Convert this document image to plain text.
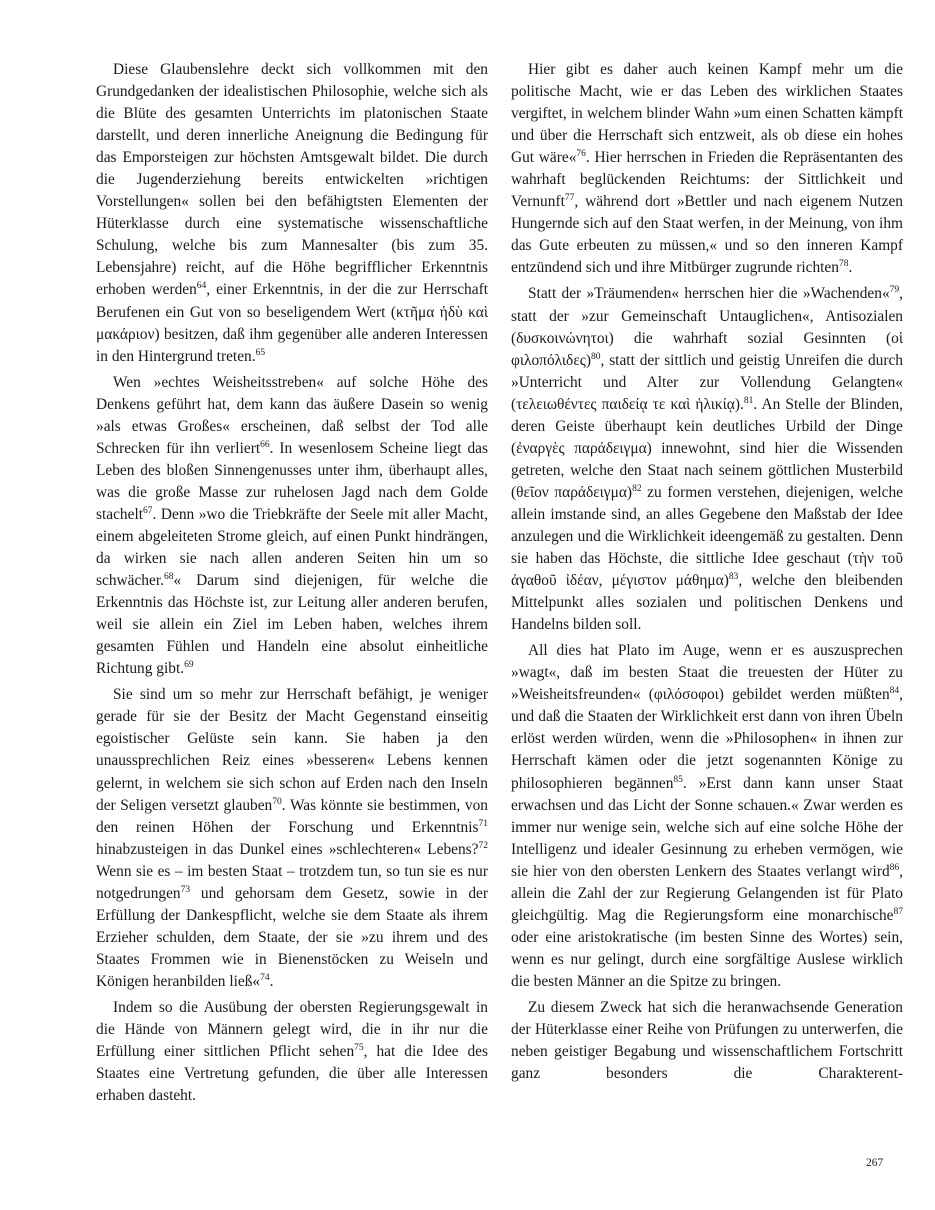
Diese Glaubenslehre deckt sich vollkommen mit den Grundgedanken der idealistischen Philosophie, welche sich als die Blüte des gesamten Unterrichts im platonischen Staate darstellt, und deren innerliche Aneignung die Bedingung für das Emporsteigen zur höchsten Amtsgewalt bildet. Die durch die Jugenderziehung bereits entwickelten »richtigen Vorstellungen« sollen bei den befähigtsten Elementen der Hüterklasse durch eine systematische wissenschaftliche Schulung, welche bis zum Mannesalter (bis zum 35. Lebensjahre) reicht, auf die Höhe begrifflicher Erkenntnis erhoben werden$^{64}$, einer Erkenntnis, in der die zur Herrschaft Berufenen ein Gut von so beseligendem Wert (κτῆμα ἡδὺ καὶ μακάριον) besitzen, daß ihm gegenüber alle anderen Interessen in den Hintergrund treten.$^{65}$

Wen »echtes Weisheitsstreben« auf solche Höhe des Denkens geführt hat, dem kann das äußere Dasein so wenig »als etwas Großes« erscheinen, daß selbst der Tod alle Schrecken für ihn verliert$^{66}$. In wesenlosem Scheine liegt das Leben des bloßen Sinnengenusses unter ihm, überhaupt alles, was die große Masse zur ruhelosen Jagd nach dem Golde stachelt$^{67}$. Denn »wo die Triebkräfte der Seele mit aller Macht, einem abgeleiteten Strome gleich, auf einen Punkt hindrängen, da wirken sie nach allen anderen Seiten hin um so schwächer.$^{68}$« Darum sind diejenigen, für welche die Erkenntnis das Höchste ist, zur Leitung aller anderen berufen, weil sie allein ein Ziel im Leben haben, welches ihrem gesamten Fühlen und Handeln eine absolut einheitliche Richtung gibt.$^{69}$

Sie sind um so mehr zur Herrschaft befähigt, je weniger gerade für sie der Besitz der Macht Gegenstand einseitig egoistischer Gelüste sein kann. Sie haben ja den unaussprechlichen Reiz eines »besseren« Lebens kennen gelernt, in welchem sie sich schon auf Erden nach den Inseln der Seligen versetzt glauben$^{70}$. Was könnte sie bestimmen, von den reinen Höhen der Forschung und Erkenntnis$^{71}$ hinabzusteigen in das Dunkel eines »schlechteren« Lebens?$^{72}$ Wenn sie es – im besten Staat – trotzdem tun, so tun sie es nur notgedrungen$^{73}$ und gehorsam dem Gesetz, sowie in der Erfüllung der Dankespflicht, welche sie dem Staate als ihrem Erzieher schulden, dem Staate, der sie »zu ihrem und des Staates Frommen wie in Bienenstöcken zu Weiseln und Königen heranbilden ließ«$^{74}$.

Indem so die Ausübung der obersten Regierungsgewalt in die Hände von Männern gelegt wird, die in ihr nur die Erfüllung einer sittlichen Pflicht sehen$^{75}$, hat die Idee des Staates eine Vertretung gefunden, die über alle Interessen erhaben dasteht.

Hier gibt es daher auch keinen Kampf mehr um die politische Macht, wie er das Leben des wirklichen Staates vergiftet, in welchem blinder Wahn »um einen Schatten kämpft und über die Herrschaft sich entzweit, als ob diese ein hohes Gut wäre«$^{76}$. Hier herrschen in Frieden die Repräsentanten des wahrhaft beglückenden Reichtums: der Sittlichkeit und Vernunft$^{77}$, während dort »Bettler und nach eigenem Nutzen Hungernde sich auf den Staat werfen, in der Meinung, von ihm das Gute erbeuten zu müssen,« und so den inneren Kampf entzündend sich und ihre Mitbürger zugrunde richten$^{78}$.

Statt der »Träumenden« herrschen hier die »Wachenden«$^{79}$, statt der »zur Gemeinschaft Untauglichen«, Antisozialen (δυσκοινώνητοι) die wahrhaft sozial Gesinnten (οἱ φιλοπόλιδες)$^{80}$, statt der sittlich und geistig Unreifen die durch »Unterricht und Alter zur Vollendung Gelangten« (τελειωθέντες παιδείᾳ τε καὶ ἡλικίᾳ).$^{81}$. An Stelle der Blinden, deren Geiste überhaupt kein deutliches Urbild der Dinge (ἐναργὲς παράδειγμα) innewohnt, sind hier die Wissenden getreten, welche den Staat nach seinem göttlichen Musterbild (θεῖον παράδειγμα)$^{82}$ zu formen verstehen, diejenigen, welche allein imstande sind, an alles Gegebene den Maßstab der Idee anzulegen und die Wirklichkeit ideengemäß zu gestalten. Denn sie haben das Höchste, die sittliche Idee geschaut (τὴν τοῦ ἀγαθοῦ ἰδέαν, μέγιστον μάθημα)$^{83}$, welche den bleibenden Mittelpunkt alles sozialen und politischen Denkens und Handelns bilden soll.

All dies hat Plato im Auge, wenn er es auszusprechen »wagt«, daß im besten Staat die treuesten der Hüter zu »Weisheitsfreunden« (φιλόσοφοι) gebildet werden müßten$^{84}$, und daß die Staaten der Wirklichkeit erst dann von ihren Übeln erlöst werden würden, wenn die »Philosophen« in ihnen zur Herrschaft kämen oder die jetzt sogenannten Könige zu philosophieren begännen$^{85}$. »Erst dann kann unser Staat erwachsen und das Licht der Sonne schauen.« Zwar werden es immer nur wenige sein, welche sich auf eine solche Höhe der Intelligenz und idealer Gesinnung zu erheben vermögen, wie sie hier von den obersten Lenkern des Staates verlangt wird$^{86}$, allein die Zahl der zur Regierung Gelangenden ist für Plato gleichgültig. Mag die Regierungsform eine monarchische$^{87}$ oder eine aristokratische (im besten Sinne des Wortes) sein, wenn es nur gelingt, durch eine sorgfältige Auslese wirklich die besten Männer an die Spitze zu bringen.

Zu diesem Zweck hat sich die heranwachsende Generation der Hüterklasse einer Reihe von Prüfungen zu unterwerfen, die neben geistiger Begabung und wissenschaftlichem Fortschritt ganz besonders die Charakterent-

267
